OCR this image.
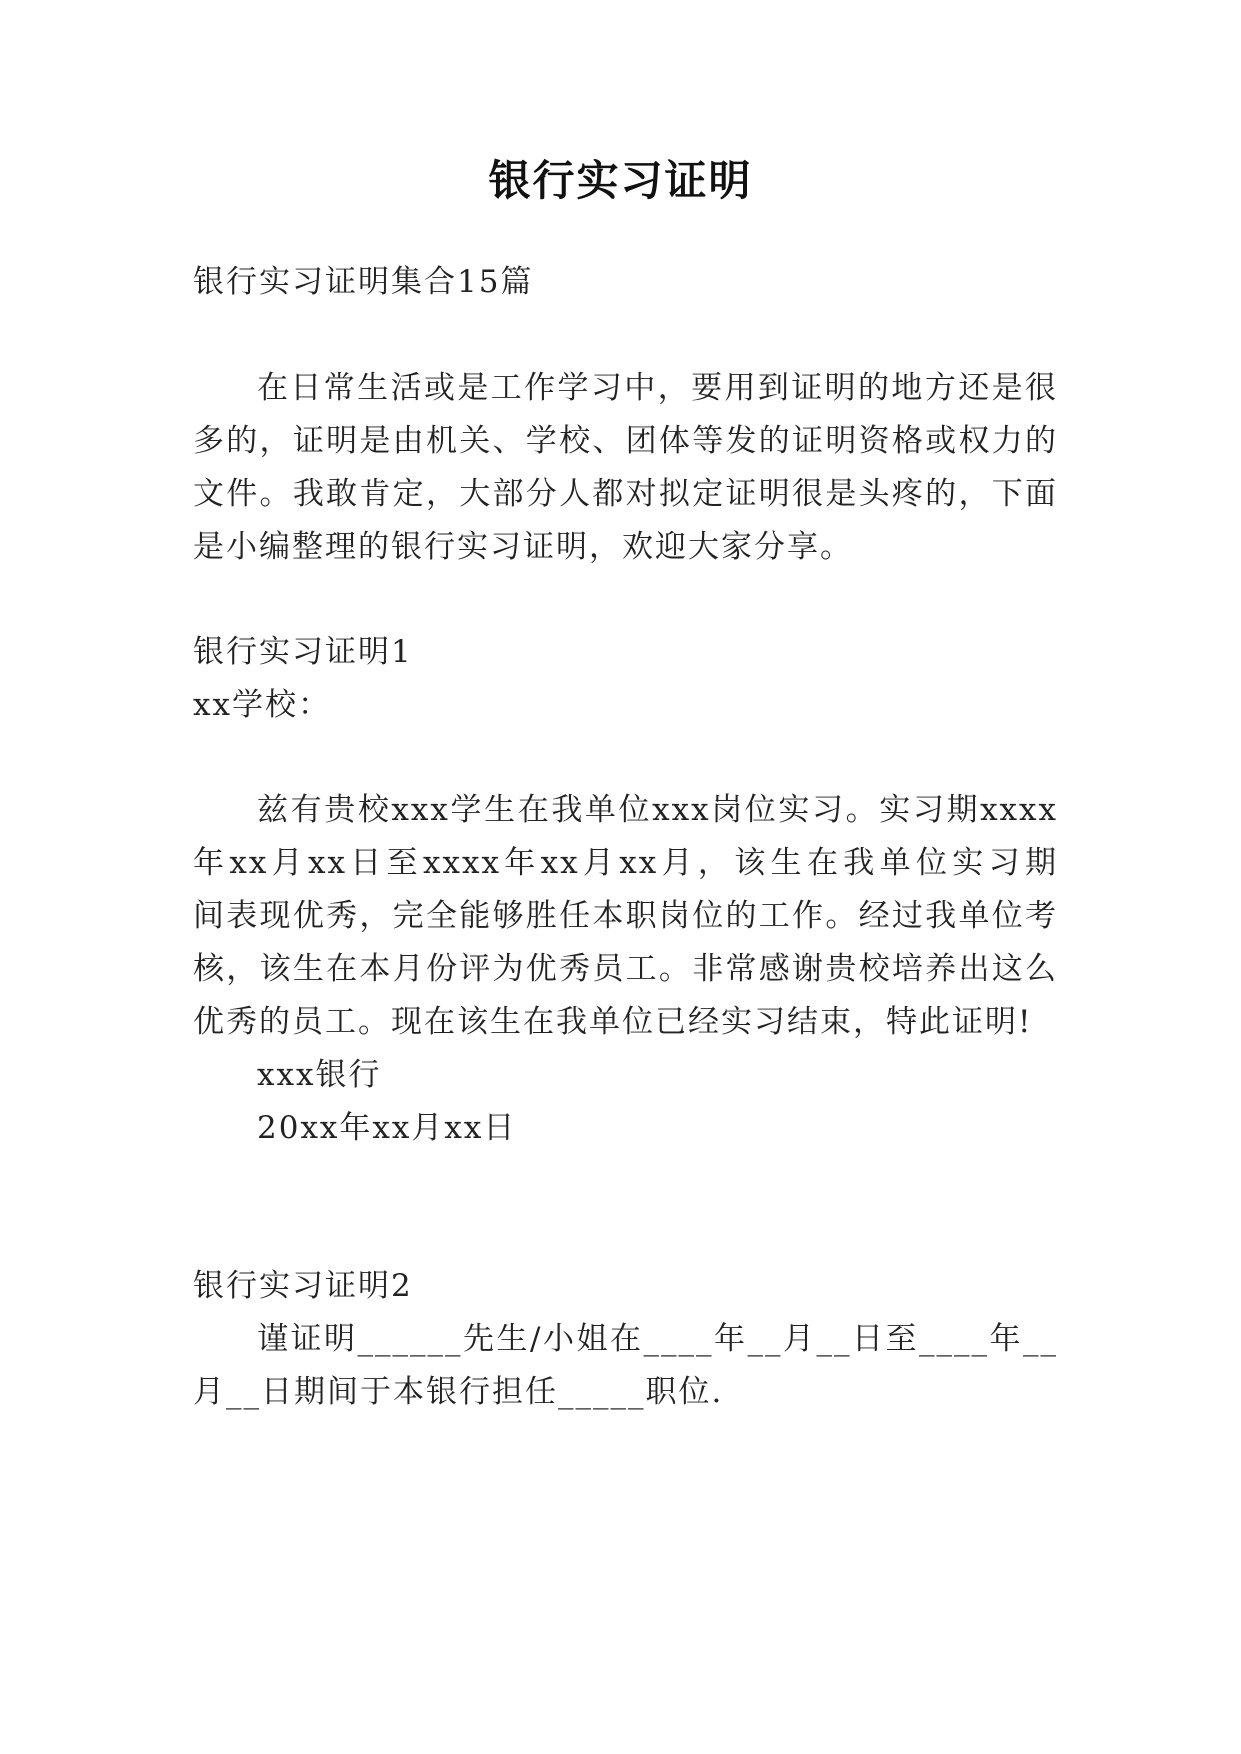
银行实习证明
银行实习证明集合15篇
在日常生活或是工作学习中，要用到证明的地方还是很
多的，证明是由机关、学校、团体等发的证明资格或权力的
文件。我敢肯定，大部分人都对拟定证明很是头疼的，下面
是小编整理的银行实习证明，欢迎大家分享。
银行实习证明1
xx学校：
兹有贵校xxx学生在我单位xxx岗位实习。实习期xxxx
年xx月xx日至xxxx年xx月xx月，该生在我单位实习期
间表现优秀，完全能够胜任本职岗位的工作。经过我单位考
核，该生在本月份评为优秀员工。非常感谢贵校培养出这么
优秀的员工。现在该生在我单位已经实习结束，特此证明!
xxx银行
20xx年xx月xx日
银行实习证明2
谨证明______先生/小姐在____年__月__日至____年__
月__日期间于本银行担任_____职位.
